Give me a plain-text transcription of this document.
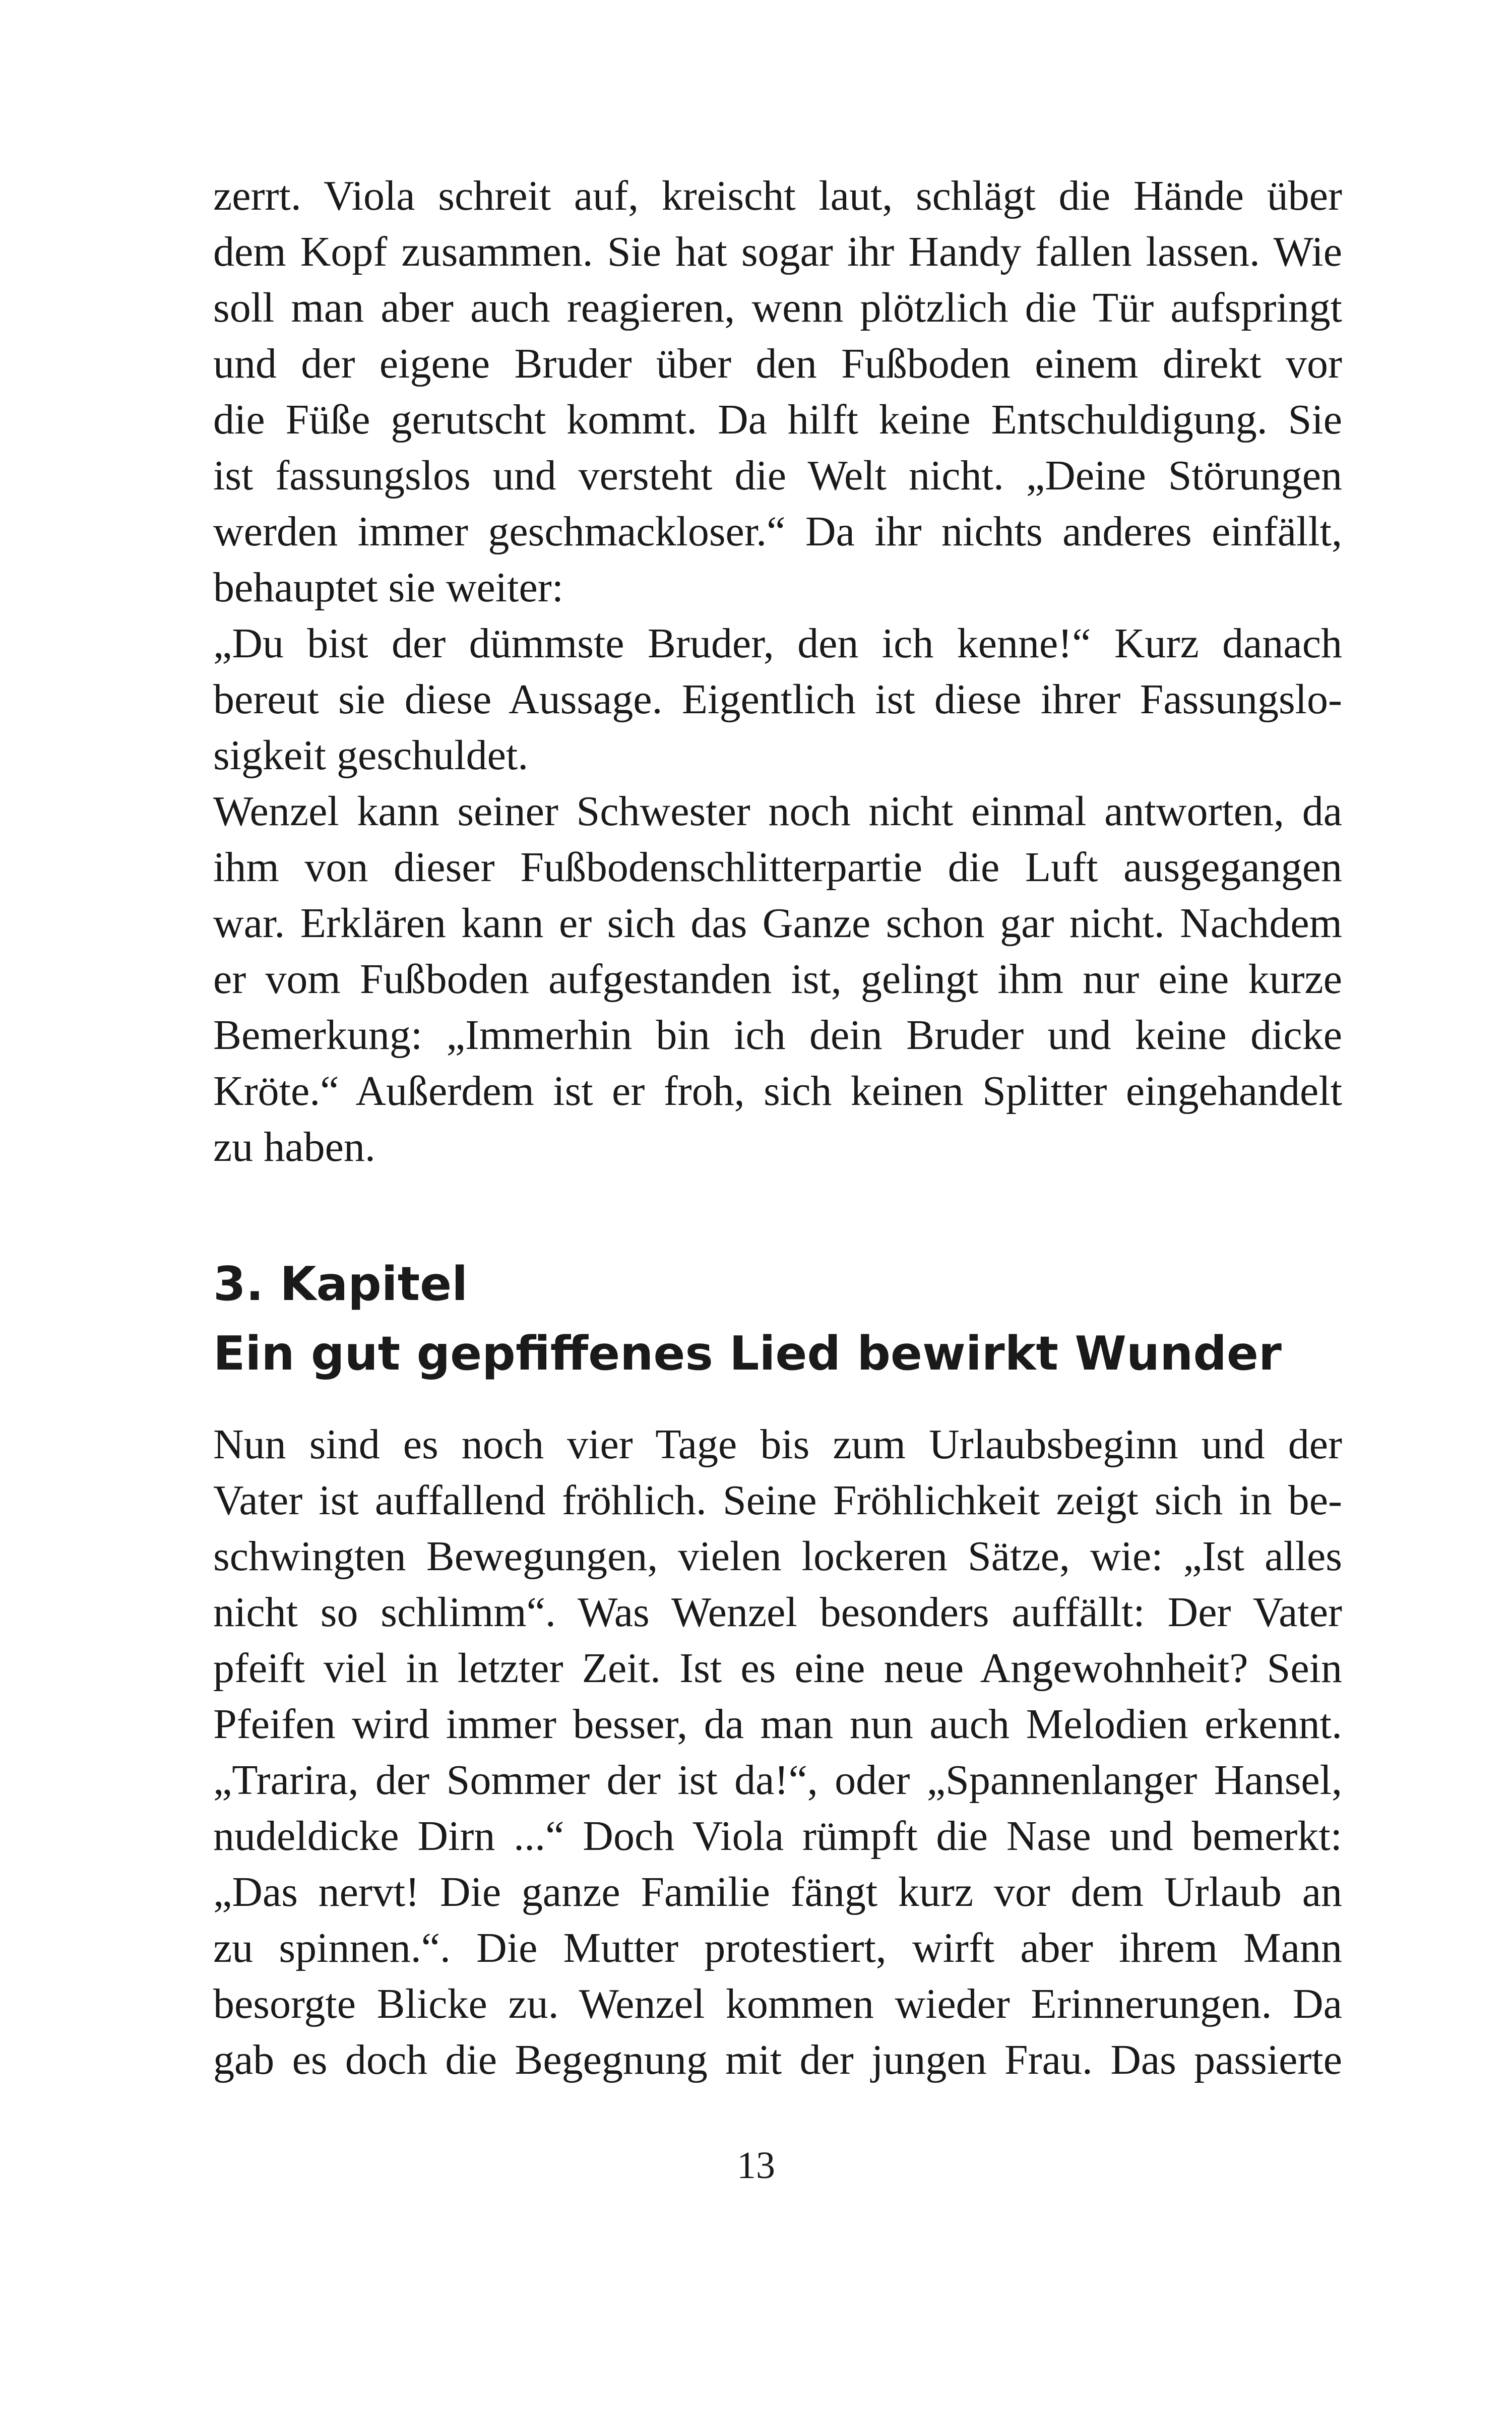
zerrt. Viola schreit auf, kreischt laut, schlägt die Hände über
dem Kopf zusammen. Sie hat sogar ihr Handy fallen lassen. Wie
soll man aber auch reagieren, wenn plötzlich die Tür aufspringt
und der eigene Bruder über den Fußboden einem direkt vor
die Füße gerutscht kommt. Da hilft keine Entschuldigung. Sie
ist fassungslos und versteht die Welt nicht. „Deine Störungen
werden immer geschmackloser.“ Da ihr nichts anderes einfällt,
behauptet sie weiter:
„Du bist der dümmste Bruder, den ich kenne!“ Kurz danach
bereut sie diese Aussage. Eigentlich ist diese ihrer Fassungslo-
sigkeit geschuldet.
Wenzel kann seiner Schwester noch nicht einmal antworten, da
ihm von dieser Fußbodenschlitterpartie die Luft ausgegangen
war. Erklären kann er sich das Ganze schon gar nicht. Nachdem
er vom Fußboden aufgestanden ist, gelingt ihm nur eine kurze
Bemerkung: „Immerhin bin ich dein Bruder und keine dicke
Kröte.“ Außerdem ist er froh, sich keinen Splitter eingehandelt
zu haben.
3. Kapitel
Ein gut gepfiffenes Lied bewirkt Wunder
Nun sind es noch vier Tage bis zum Urlaubsbeginn und der
Vater ist auffallend fröhlich. Seine Fröhlichkeit zeigt sich in be-
schwingten Bewegungen, vielen lockeren Sätze, wie: „Ist alles
nicht so schlimm“. Was Wenzel besonders auffällt: Der Vater
pfeift viel in letzter Zeit. Ist es eine neue Angewohnheit? Sein
Pfeifen wird immer besser, da man nun auch Melodien erkennt.
„Trarira, der Sommer der ist da!“, oder „Spannenlanger Hansel,
nudeldicke Dirn ...“ Doch Viola rümpft die Nase und bemerkt:
„Das nervt! Die ganze Familie fängt kurz vor dem Urlaub an
zu spinnen.“. Die Mutter protestiert, wirft aber ihrem Mann
besorgte Blicke zu. Wenzel kommen wieder Erinnerungen. Da
gab es doch die Begegnung mit der jungen Frau. Das passierte
13
